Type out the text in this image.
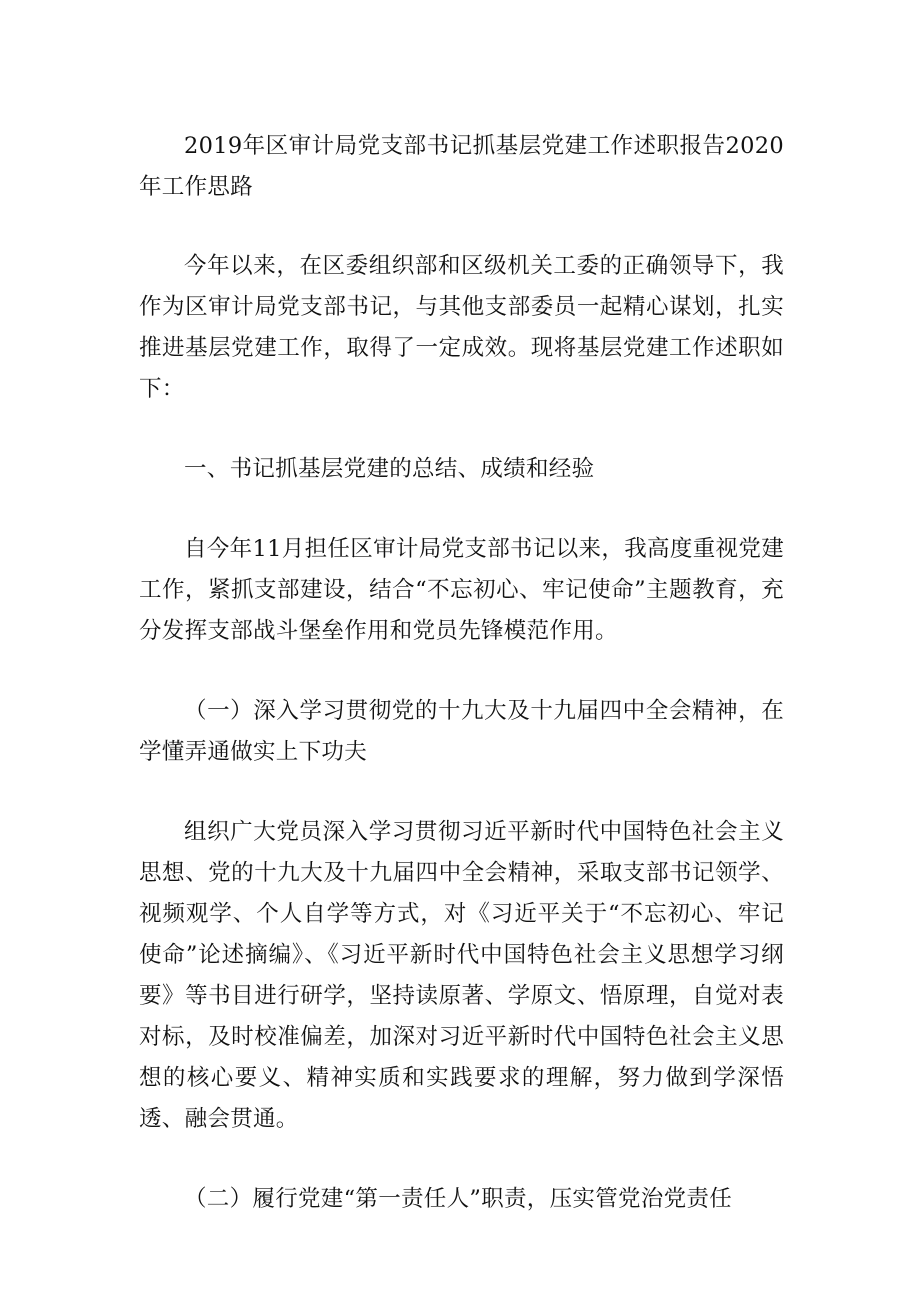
2019年区审计局党支部书记抓基层党建工作述职报告2020年工作思路

今年以来，在区委组织部和区级机关工委的正确领导下，我作为区审计局党支部书记，与其他支部委员一起精心谋划，扎实推进基层党建工作，取得了一定成效。现将基层党建工作述职如下：

一、书记抓基层党建的总结、成绩和经验

自今年11月担任区审计局党支部书记以来，我高度重视党建工作，紧抓支部建设，结合“不忘初心、牢记使命”主题教育，充分发挥支部战斗堡垒作用和党员先锋模范作用。

（一）深入学习贯彻党的十九大及十九届四中全会精神，在学懂弄通做实上下功夫

组织广大党员深入学习贯彻习近平新时代中国特色社会主义思想、党的十九大及十九届四中全会精神，采取支部书记领学、视频观学、个人自学等方式，对《习近平关于“不忘初心、牢记使命”论述摘编》、《习近平新时代中国特色社会主义思想学习纲要》等书目进行研学，坚持读原著、学原文、悟原理，自觉对表对标，及时校准偏差，加深对习近平新时代中国特色社会主义思想的核心要义、精神实质和实践要求的理解，努力做到学深悟透、融会贯通。

（二）履行党建“第一责任人”职责，压实管党治党责任
